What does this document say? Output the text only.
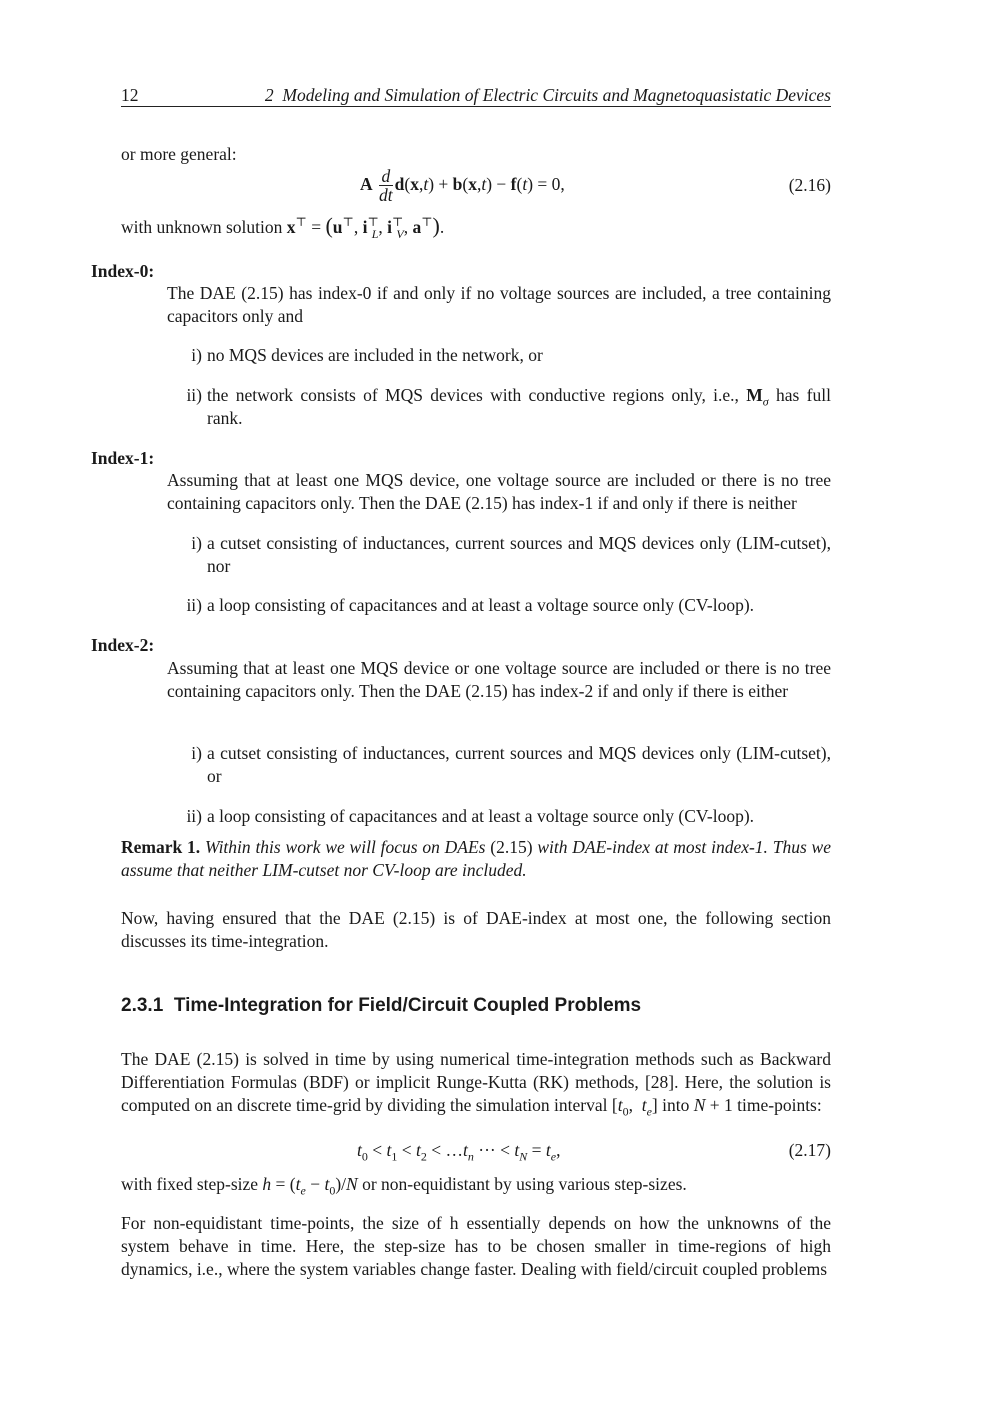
12	2  Modeling and Simulation of Electric Circuits and Magnetoquasistatic Devices
or more general:
A $\frac{d}{dt} d(x,t) + b(x,t) - f(t) = 0$,	(2.16)
with unknown solution x⊤ = (u⊤, $i^⊤_L$, $i^⊤_V$, a⊤).
Index-0:
The DAE (2.15) has index-0 if and only if no voltage sources are included, a tree containing capacitors only and
i) no MQS devices are included in the network, or
ii) the network consists of MQS devices with conductive regions only, i.e., $M_\sigma$ has full rank.
Index-1:
Assuming that at least one MQS device, one voltage source are included or there is no tree containing capacitors only. Then the DAE (2.15) has index-1 if and only if there is neither
i) a cutset consisting of inductances, current sources and MQS devices only (LIM-cutset), nor
ii) a loop consisting of capacitances and at least a voltage source only (CV-loop).
Index-2:
Assuming that at least one MQS device or one voltage source are included or there is no tree containing capacitors only. Then the DAE (2.15) has index-2 if and only if there is either
i) a cutset consisting of inductances, current sources and MQS devices only (LIM-cutset), or
ii) a loop consisting of capacitances and at least a voltage source only (CV-loop).
Remark 1. Within this work we will focus on DAEs (2.15) with DAE-index at most index-1. Thus we assume that neither LIM-cutset nor CV-loop are included.
Now, having ensured that the DAE (2.15) is of DAE-index at most one, the following section discusses its time-integration.
2.3.1 Time-Integration for Field/Circuit Coupled Problems
The DAE (2.15) is solved in time by using numerical time-integration methods such as Backward Differentiation Formulas (BDF) or implicit Runge-Kutta (RK) methods, [28]. Here, the solution is computed on an discrete time-grid by dividing the simulation interval [$t_0$,  $t_e$] into N + 1 time-points:
$t_0 < t_1 < t_2$ < $\dots t_n$ ··· < $t_N = t_e$,	(2.17)
with fixed step-size $h = (t_e - t_0)/N$ or non-equidistant by using various step-sizes.
For non-equidistant time-points, the size of h essentially depends on how the unknowns of the system behave in time. Here, the step-size has to be chosen smaller in time-regions of high dynamics, i.e., where the system variables change faster. Dealing with field/circuit coupled problems
